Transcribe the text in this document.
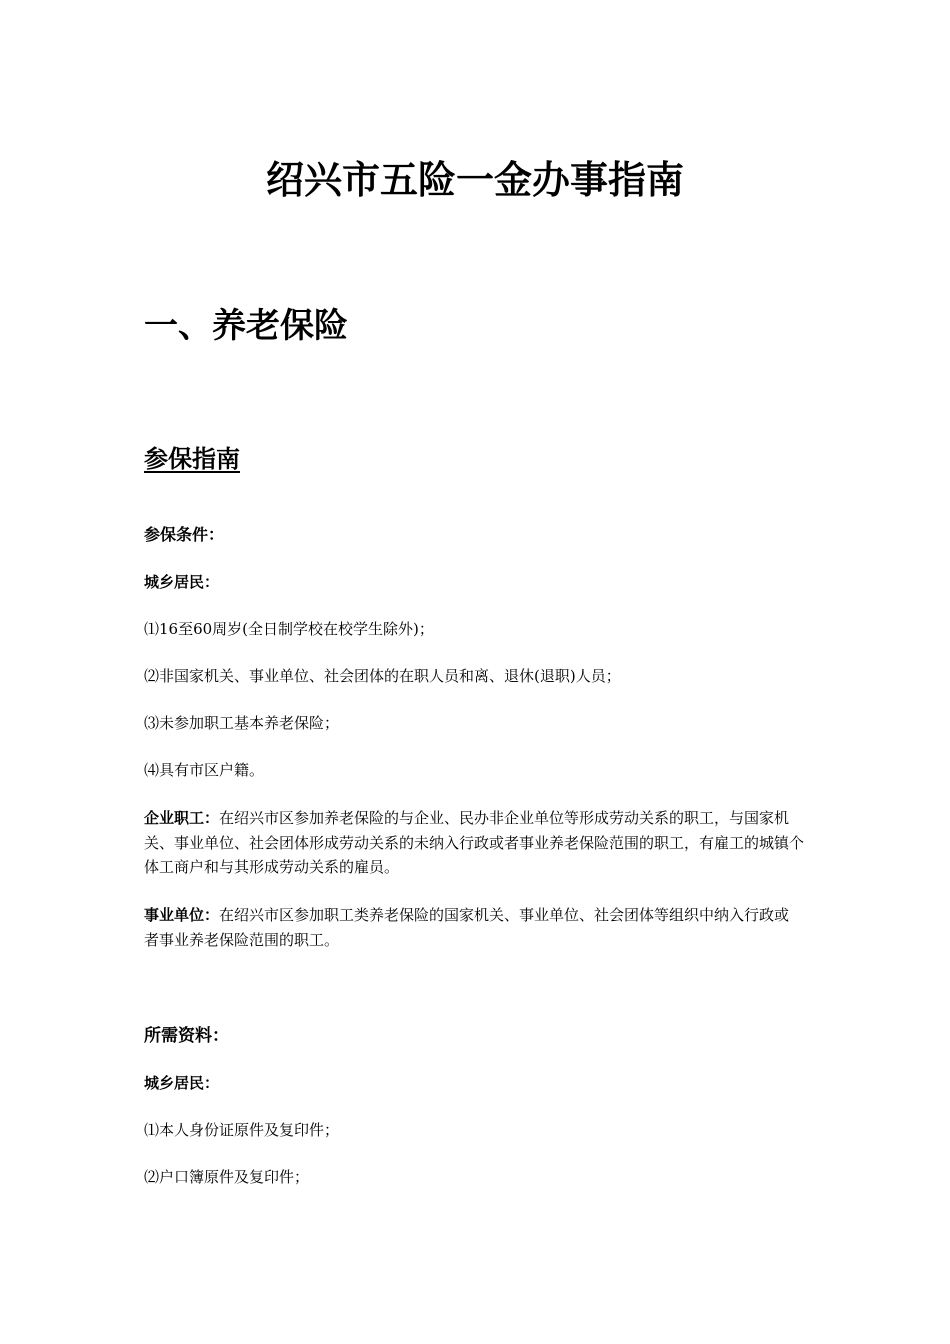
绍兴市五险一金办事指南
一、养老保险
参保指南

参保条件：

城乡居民：

⑴16至60周岁(全日制学校在校学生除外)；

⑵非国家机关、事业单位、社会团体的在职人员和离、退休(退职)人员；

⑶未参加职工基本养老保险；

⑷具有市区户籍。

企业职工：在绍兴市区参加养老保险的与企业、民办非企业单位等形成劳动关系的职工，与国家机关、事业单位、社会团体形成劳动关系的未纳入行政或者事业养老保险范围的职工，有雇工的城镇个体工商户和与其形成劳动关系的雇员。

事业单位：在绍兴市区参加职工类养老保险的国家机关、事业单位、社会团体等组织中纳入行政或者事业养老保险范围的职工。

所需资料：

城乡居民：

⑴本人身份证原件及复印件；

⑵户口簿原件及复印件；
